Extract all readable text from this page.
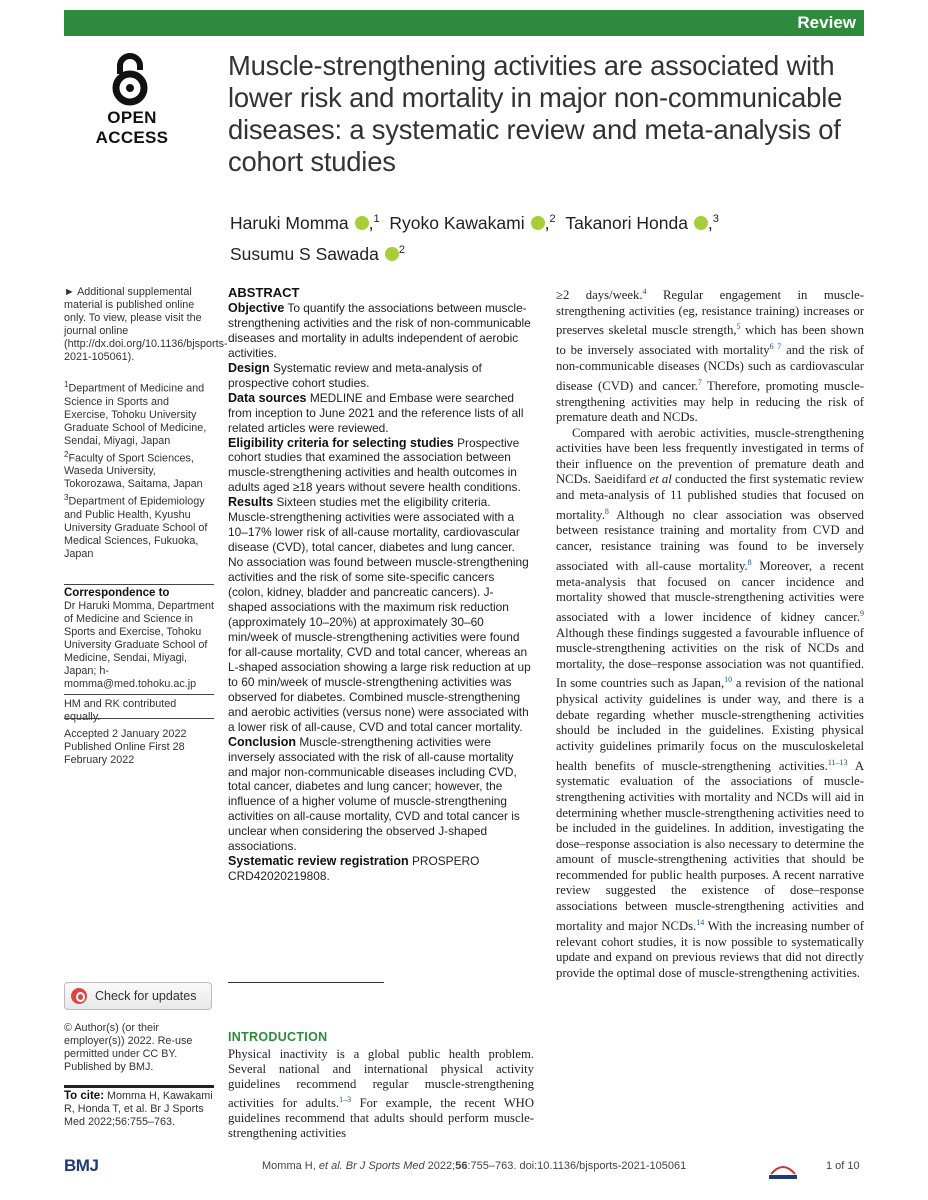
Review
OPEN ACCESS
Muscle-strengthening activities are associated with lower risk and mortality in major non-communicable diseases: a systematic review and meta-analysis of cohort studies
Haruki Momma ,$^1$ Ryoko Kawakami ,$^2$ Takanori Honda ,$^3$
Susumu S Sawada $^2$
► Additional supplemental material is published online only. To view, please visit the journal online (http://dx.doi.org/10.1136/bjsports-2021-105061).
$^1$Department of Medicine and Science in Sports and Exercise, Tohoku University Graduate School of Medicine, Sendai, Miyagi, Japan
$^2$Faculty of Sport Sciences, Waseda University, Tokorozawa, Saitama, Japan
$^3$Department of Epidemiology and Public Health, Kyushu University Graduate School of Medical Sciences, Fukuoka, Japan
Correspondence to
Dr Haruki Momma, Department of Medicine and Science in Sports and Exercise, Tohoku University Graduate School of Medicine, Sendai, Miyagi, Japan; h-momma@med.tohoku.ac.jp
HM and RK contributed equally.
Accepted 2 January 2022
Published Online First 28 February 2022
Check for updates
© Author(s) (or their employer(s)) 2022. Re-use permitted under CC BY. Published by BMJ.
To cite: Momma H, Kawakami R, Honda T, et al. Br J Sports Med 2022;56:755–763.
ABSTRACT
Objective To quantify the associations between muscle-strengthening activities and the risk of non-communicable diseases and mortality in adults independent of aerobic activities.
Design Systematic review and meta-analysis of prospective cohort studies.
Data sources MEDLINE and Embase were searched from inception to June 2021 and the reference lists of all related articles were reviewed.
Eligibility criteria for selecting studies Prospective cohort studies that examined the association between muscle-strengthening activities and health outcomes in adults aged ≥18 years without severe health conditions.
Results Sixteen studies met the eligibility criteria. Muscle-strengthening activities were associated with a 10–17% lower risk of all-cause mortality, cardiovascular disease (CVD), total cancer, diabetes and lung cancer. No association was found between muscle-strengthening activities and the risk of some site-specific cancers (colon, kidney, bladder and pancreatic cancers). J-shaped associations with the maximum risk reduction (approximately 10–20%) at approximately 30–60 min/week of muscle-strengthening activities were found for all-cause mortality, CVD and total cancer, whereas an L-shaped association showing a large risk reduction at up to 60 min/week of muscle-strengthening activities was observed for diabetes. Combined muscle-strengthening and aerobic activities (versus none) were associated with a lower risk of all-cause, CVD and total cancer mortality.
Conclusion Muscle-strengthening activities were inversely associated with the risk of all-cause mortality and major non-communicable diseases including CVD, total cancer, diabetes and lung cancer; however, the influence of a higher volume of muscle-strengthening activities on all-cause mortality, CVD and total cancer is unclear when considering the observed J-shaped associations.
Systematic review registration PROSPERO CRD42020219808.
INTRODUCTION
Physical inactivity is a global public health problem. Several national and international physical activity guidelines recommend regular muscle-strengthening activities for adults.$^{1-3}$ For example, the recent WHO guidelines recommend that adults should perform muscle-strengthening activities

≥2 days/week.$^4$ Regular engagement in muscle-strengthening activities (eg, resistance training) increases or preserves skeletal muscle strength,$^5$ which has been shown to be inversely associated with mortality$^{6 7}$ and the risk of non-communicable diseases (NCDs) such as cardiovascular disease (CVD) and cancer.$^7$ Therefore, promoting muscle-strengthening activities may help in reducing the risk of premature death and NCDs.

Compared with aerobic activities, muscle-strengthening activities have been less frequently investigated in terms of their influence on the prevention of premature death and NCDs. Saeidifard et al conducted the first systematic review and meta-analysis of 11 published studies that focused on mortality.$^8$ Although no clear association was observed between resistance training and mortality from CVD and cancer, resistance training was found to be inversely associated with all-cause mortality.$^8$ Moreover, a recent meta-analysis that focused on cancer incidence and mortality showed that muscle-strengthening activities were associated with a lower incidence of kidney cancer.$^9$ Although these findings suggested a favourable influence of muscle-strengthening activities on the risk of NCDs and mortality, the dose–response association was not quantified. In some countries such as Japan,$^{10}$ a revision of the national physical activity guidelines is under way, and there is a debate regarding whether muscle-strengthening activities should be included in the guidelines. Existing physical activity guidelines primarily focus on the musculoskeletal health benefits of muscle-strengthening activities.$^{11-13}$ A systematic evaluation of the associations of muscle-strengthening activities with mortality and NCDs will aid in determining whether muscle-strengthening activities need to be included in the guidelines. In addition, investigating the dose–response association is also necessary to determine the amount of muscle-strengthening activities that should be recommended for public health purposes. A recent narrative review suggested the existence of dose–response associations between muscle-strengthening activities and mortality and major NCDs.$^{14}$ With the increasing number of relevant cohort studies, it is now possible to systematically update and expand on previous reviews that did not directly provide the optimal dose of muscle-strengthening activities.

BMJ	Momma H, et al. Br J Sports Med 2022;56:755–763. doi:10.1136/bjsports-2021-105061	1 of 10
